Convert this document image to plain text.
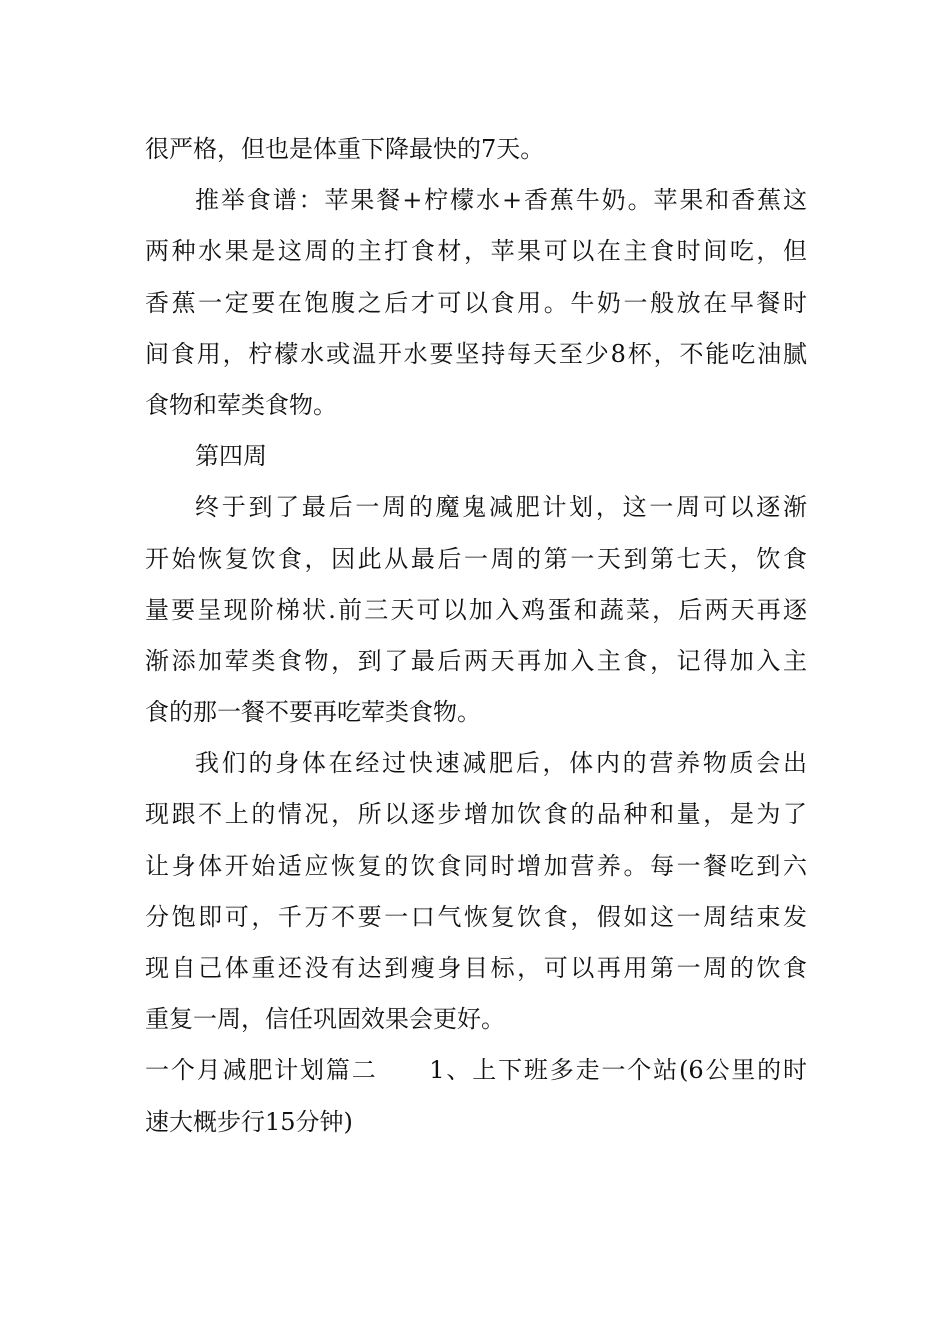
很严格，但也是体重下降最快的7天。
推举食谱：苹果餐+柠檬水+香蕉牛奶。苹果和香蕉这
两种水果是这周的主打食材，苹果可以在主食时间吃，但
香蕉一定要在饱腹之后才可以食用。牛奶一般放在早餐时
间食用，柠檬水或温开水要坚持每天至少8杯，不能吃油腻
食物和荤类食物。
第四周
终于到了最后一周的魔鬼减肥计划，这一周可以逐渐
开始恢复饮食，因此从最后一周的第一天到第七天，饮食
量要呈现阶梯状.前三天可以加入鸡蛋和蔬菜，后两天再逐
渐添加荤类食物，到了最后两天再加入主食，记得加入主
食的那一餐不要再吃荤类食物。
我们的身体在经过快速减肥后，体内的营养物质会出
现跟不上的情况，所以逐步增加饮食的品种和量，是为了
让身体开始适应恢复的饮食同时增加营养。每一餐吃到六
分饱即可，千万不要一口气恢复饮食，假如这一周结束发
现自己体重还没有达到瘦身目标，可以再用第一周的饮食
重复一周，信任巩固效果会更好。
一个月减肥计划篇二　　1、上下班多走一个站(6公里的时
速大概步行15分钟)
